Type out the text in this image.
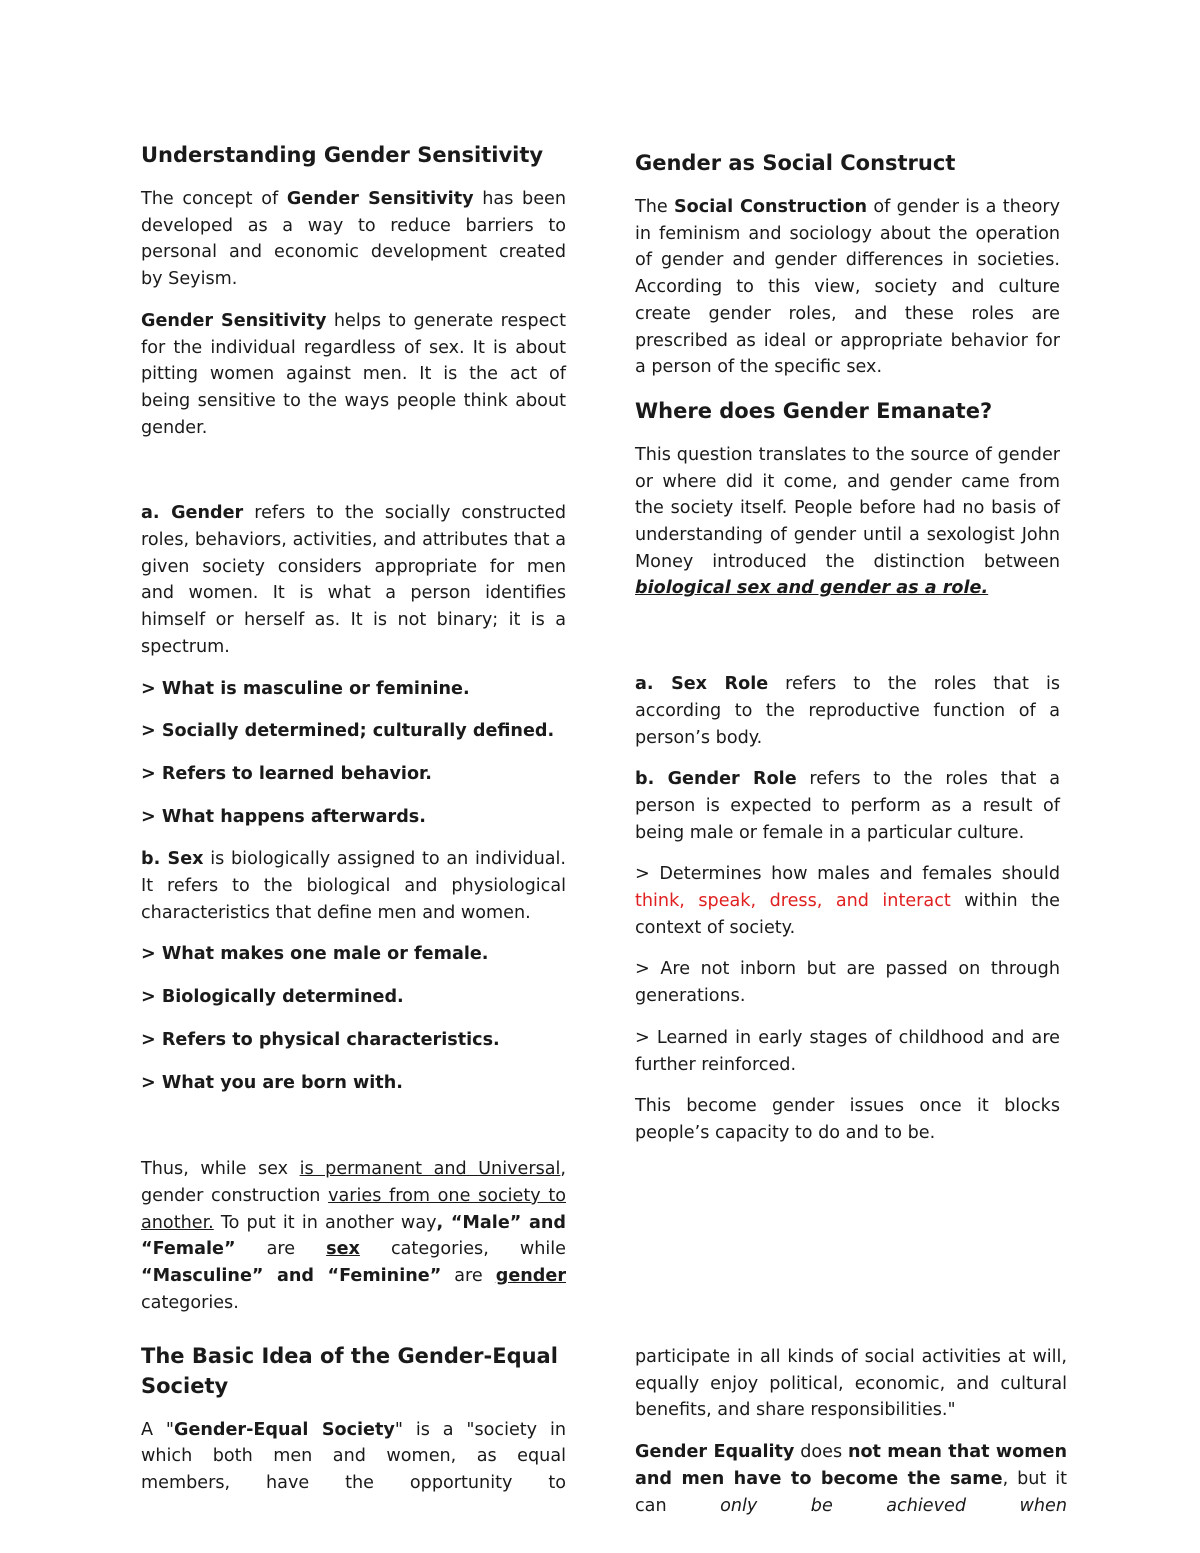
Understanding Gender Sensitivity

The concept of Gender Sensitivity has been developed as a way to reduce barriers to personal and economic development created by Seyism.

Gender Sensitivity helps to generate respect for the individual regardless of sex. It is about pitting women against men. It is the act of being sensitive to the ways people think about gender.

a. Gender refers to the socially constructed roles, behaviors, activities, and attributes that a given society considers appropriate for men and women. It is what a person identifies himself or herself as. It is not binary; it is a spectrum.

> What is masculine or feminine.

> Socially determined; culturally defined.

> Refers to learned behavior.

> What happens afterwards.

b. Sex is biologically assigned to an individual. It refers to the biological and physiological characteristics that define men and women.

> What makes one male or female.

> Biologically determined.

> Refers to physical characteristics.

> What you are born with.

Thus, while sex is permanent and Universal, gender construction varies from one society to another. To put it in another way, “Male” and “Female” are sex categories, while “Masculine” and “Feminine” are gender categories.

The Basic Idea of the Gender-Equal Society

A "Gender-Equal Society" is a "society in which both men and women, as equal members, have the opportunity to

Gender as Social Construct

The Social Construction of gender is a theory in feminism and sociology about the operation of gender and gender differences in societies. According to this view, society and culture create gender roles, and these roles are prescribed as ideal or appropriate behavior for a person of the specific sex.

Where does Gender Emanate?

This question translates to the source of gender or where did it come, and gender came from the society itself. People before had no basis of understanding of gender until a sexologist John Money introduced the distinction between biological sex and gender as a role.

a. Sex Role refers to the roles that is according to the reproductive function of a person’s body.

b. Gender Role refers to the roles that a person is expected to perform as a result of being male or female in a particular culture.

> Determines how males and females should think, speak, dress, and interact within the context of society.

> Are not inborn but are passed on through generations.

> Learned in early stages of childhood and are further reinforced.

This become gender issues once it blocks people’s capacity to do and to be.

participate in all kinds of social activities at will, equally enjoy political, economic, and cultural benefits, and share responsibilities."

Gender Equality does not mean that women and men have to become the same, but it can only be achieved when
